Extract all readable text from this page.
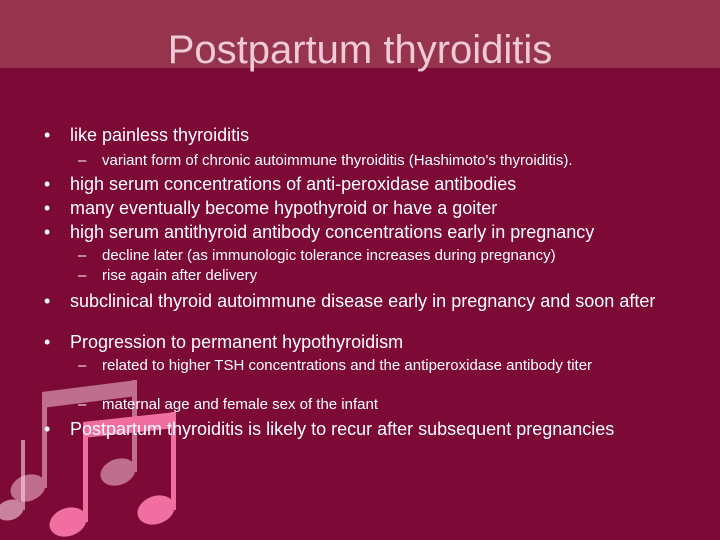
Postpartum thyroiditis
• like painless thyroiditis
– variant form of chronic autoimmune thyroiditis (Hashimoto's thyroiditis).
• high serum concentrations of anti-peroxidase antibodies
• many eventually become hypothyroid or have a goiter
• high serum antithyroid antibody concentrations early in pregnancy
– decline later (as immunologic tolerance increases during pregnancy)
– rise again after delivery
• subclinical thyroid autoimmune disease early in pregnancy and soon after
• Progression to permanent hypothyroidism
– related to higher TSH concentrations and the antiperoxidase antibody titer
– maternal age and female sex of the infant
• Postpartum thyroiditis is likely to recur after subsequent pregnancies
